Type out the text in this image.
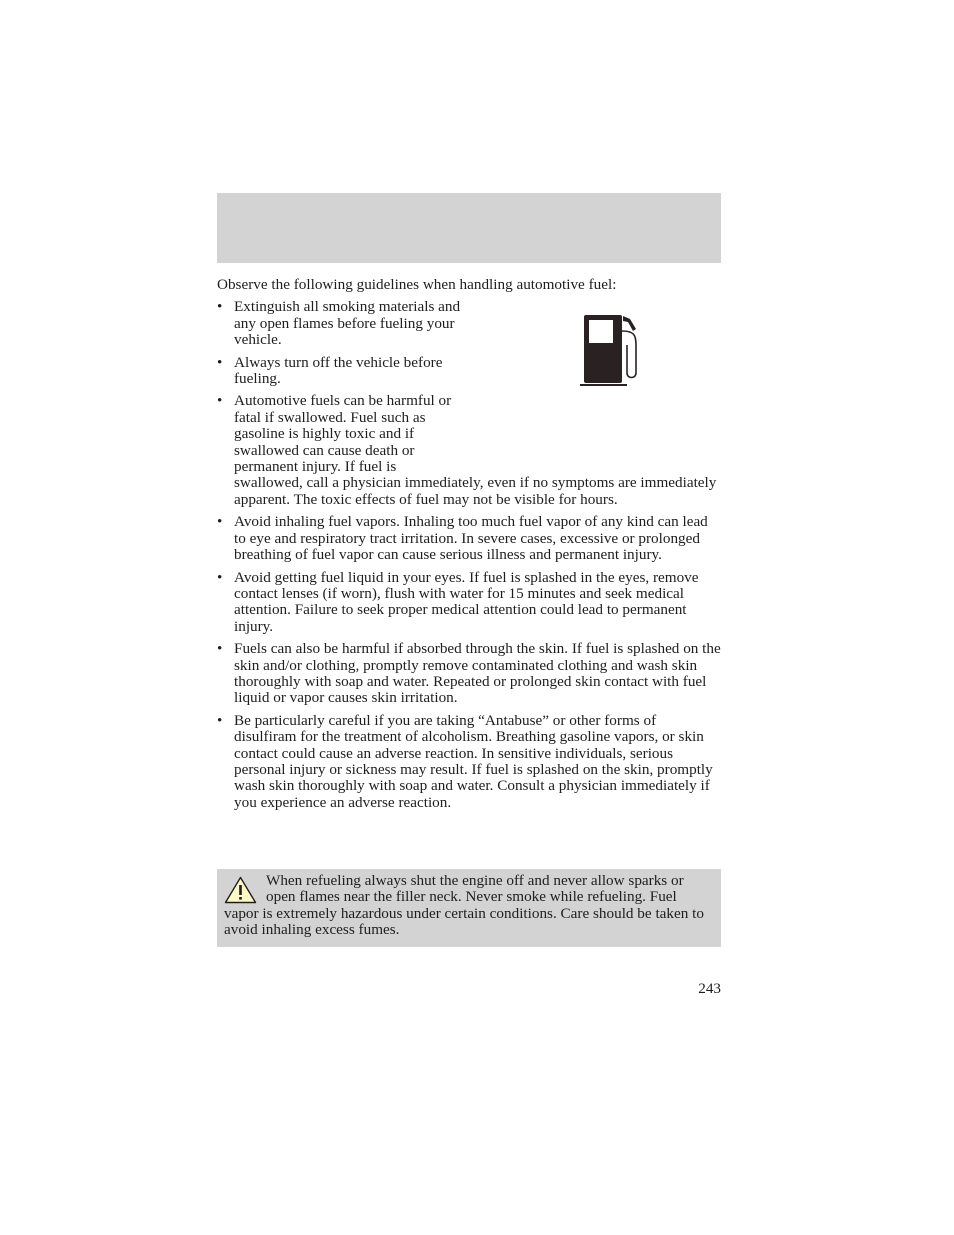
Observe the following guidelines when handling automotive fuel:

• Extinguish all smoking materials and any open flames before fueling your vehicle.
• Always turn off the vehicle before fueling.
• Automotive fuels can be harmful or fatal if swallowed. Fuel such as gasoline is highly toxic and if swallowed can cause death or permanent injury. If fuel is
swallowed, call a physician immediately, even if no symptoms are immediately apparent. The toxic effects of fuel may not be visible for hours.
• Avoid inhaling fuel vapors. Inhaling too much fuel vapor of any kind can lead to eye and respiratory tract irritation. In severe cases, excessive or prolonged breathing of fuel vapor can cause serious illness and permanent injury.
• Avoid getting fuel liquid in your eyes. If fuel is splashed in the eyes, remove contact lenses (if worn), flush with water for 15 minutes and seek medical attention. Failure to seek proper medical attention could lead to permanent injury.
• Fuels can also be harmful if absorbed through the skin. If fuel is splashed on the skin and/or clothing, promptly remove contaminated clothing and wash skin thoroughly with soap and water. Repeated or prolonged skin contact with fuel liquid or vapor causes skin irritation.
• Be particularly careful if you are taking “Antabuse” or other forms of disulfiram for the treatment of alcoholism. Breathing gasoline vapors, or skin contact could cause an adverse reaction. In sensitive individuals, serious personal injury or sickness may result. If fuel is splashed on the skin, promptly wash skin thoroughly with soap and water. Consult a physician immediately if you experience an adverse reaction.
When refueling always shut the engine off and never allow sparks or open flames near the filler neck. Never smoke while refueling. Fuel vapor is extremely hazardous under certain conditions. Care should be taken to avoid inhaling excess fumes.
243
